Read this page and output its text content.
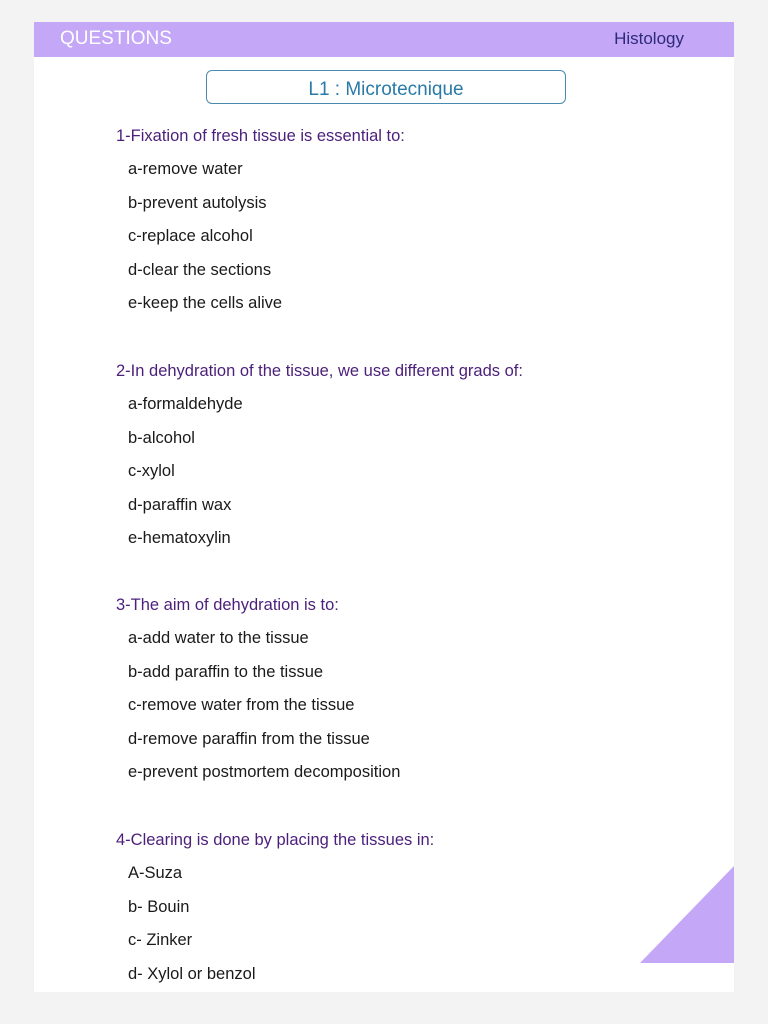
QUESTIONS	Histology
L1 : Microtecnique
1-Fixation of fresh tissue is essential to:
a-remove water
b-prevent autolysis
c-replace alcohol
d-clear the sections
e-keep the cells alive
2-In dehydration of the tissue, we use different grads of:
a-formaldehyde
b-alcohol
c-xylol
d-paraffin wax
e-hematoxylin
3-The aim of dehydration is to:
a-add water to the tissue
b-add paraffin to the tissue
c-remove water from the tissue
d-remove paraffin from the tissue
e-prevent postmortem decomposition
4-Clearing is done by placing the tissues in:
A-Suza
b- Bouin
c- Zinker
d- Xylol or benzol
